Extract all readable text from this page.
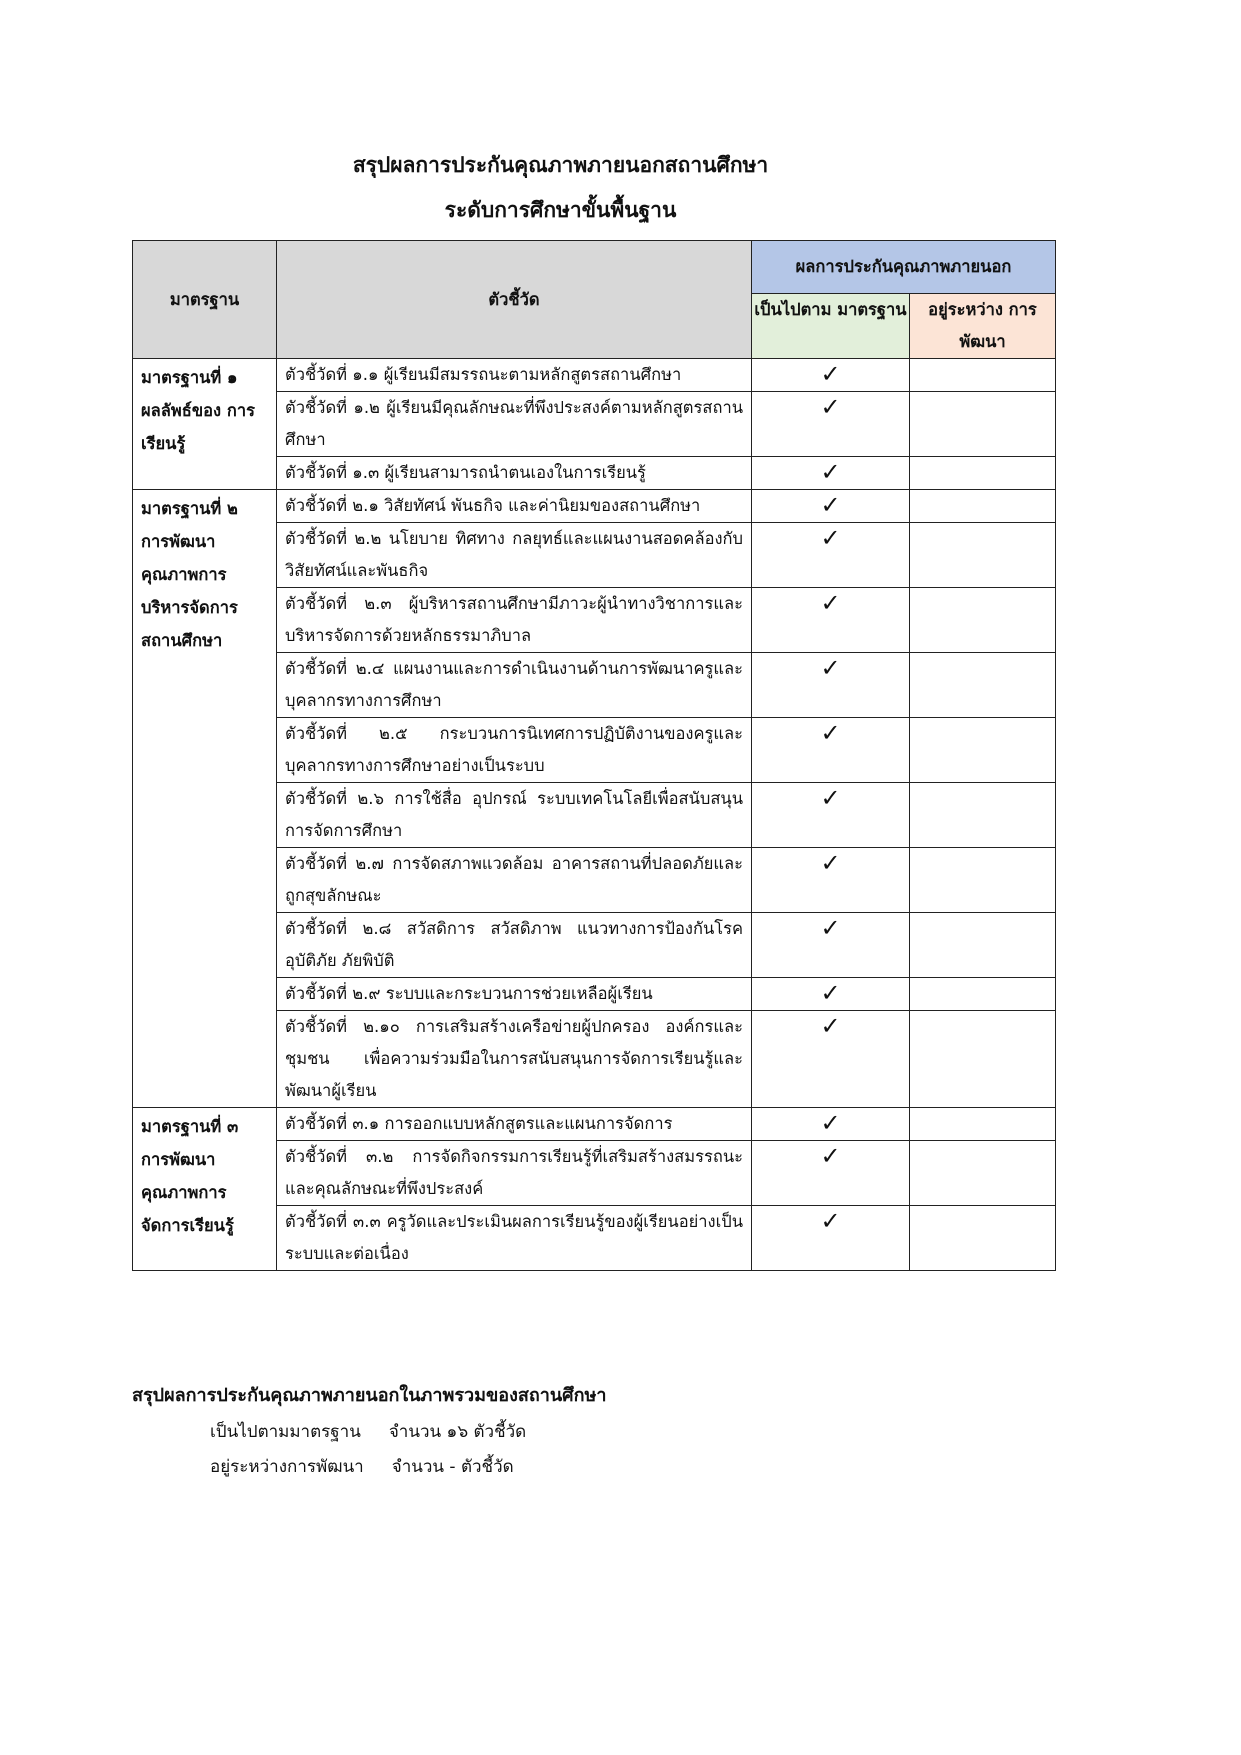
สรุปผลการประกันคุณภาพภายนอกสถานศึกษา
ระดับการศึกษาขั้นพื้นฐาน
มาตรฐาน	ตัวชี้วัด	ผลการประกันคุณภาพภายนอก	
		เป็นไปตาม มาตรฐาน	อยู่ระหว่าง การพัฒนา
มาตรฐานที่ ๑ ผลลัพธ์ของ การเรียนรู้	ตัวชี้วัดที่ ๑.๑ ผู้เรียนมีสมรรถนะตามหลักสูตรสถานศึกษา	✓	
	ตัวชี้วัดที่ ๑.๒ ผู้เรียนมีคุณลักษณะที่พึงประสงค์ตามหลักสูตรสถานศึกษา	✓	
	ตัวชี้วัดที่ ๑.๓ ผู้เรียนสามารถนำตนเองในการเรียนรู้	✓	
มาตรฐานที่ ๒ การพัฒนา คุณภาพการ บริหารจัดการ สถานศึกษา	ตัวชี้วัดที่ ๒.๑ วิสัยทัศน์ พันธกิจ และค่านิยมของสถานศึกษา	✓	
	ตัวชี้วัดที่ ๒.๒ นโยบาย ทิศทาง กลยุทธ์และแผนงานสอดคล้องกับวิสัยทัศน์และพันธกิจ	✓	
	ตัวชี้วัดที่ ๒.๓ ผู้บริหารสถานศึกษามีภาวะผู้นำทางวิชาการและบริหารจัดการด้วยหลักธรรมาภิบาล	✓	
	ตัวชี้วัดที่ ๒.๔ แผนงานและการดำเนินงานด้านการพัฒนาครูและบุคลากรทางการศึกษา	✓	
	ตัวชี้วัดที่ ๒.๕ กระบวนการนิเทศการปฏิบัติงานของครูและบุคลากรทางการศึกษาอย่างเป็นระบบ	✓	
	ตัวชี้วัดที่ ๒.๖ การใช้สื่อ อุปกรณ์ ระบบเทคโนโลยีเพื่อสนับสนุนการจัดการศึกษา	✓	
	ตัวชี้วัดที่ ๒.๗ การจัดสภาพแวดล้อม อาคารสถานที่ปลอดภัยและถูกสุขลักษณะ	✓	
	ตัวชี้วัดที่ ๒.๘ สวัสดิการ สวัสดิภาพ แนวทางการป้องกันโรค อุบัติภัย ภัยพิบัติ	✓	
	ตัวชี้วัดที่ ๒.๙ ระบบและกระบวนการช่วยเหลือผู้เรียน	✓	
	ตัวชี้วัดที่ ๒.๑๐ การเสริมสร้างเครือข่ายผู้ปกครอง องค์กรและชุมชน เพื่อความร่วมมือในการสนับสนุนการจัดการเรียนรู้และพัฒนาผู้เรียน	✓	
มาตรฐานที่ ๓ การพัฒนา คุณภาพการ จัดการเรียนรู้	ตัวชี้วัดที่ ๓.๑ การออกแบบหลักสูตรและแผนการจัดการ	✓	
	ตัวชี้วัดที่ ๓.๒ การจัดกิจกรรมการเรียนรู้ที่เสริมสร้างสมรรถนะและคุณลักษณะที่พึงประสงค์	✓	
	ตัวชี้วัดที่ ๓.๓ ครูวัดและประเมินผลการเรียนรู้ของผู้เรียนอย่างเป็นระบบและต่อเนื่อง	✓	
สรุปผลการประกันคุณภาพภายนอกในภาพรวมของสถานศึกษา
เป็นไปตามมาตรฐาน จำนวน ๑๖ ตัวชี้วัด
อยู่ระหว่างการพัฒนา จำนวน - ตัวชี้วัด
